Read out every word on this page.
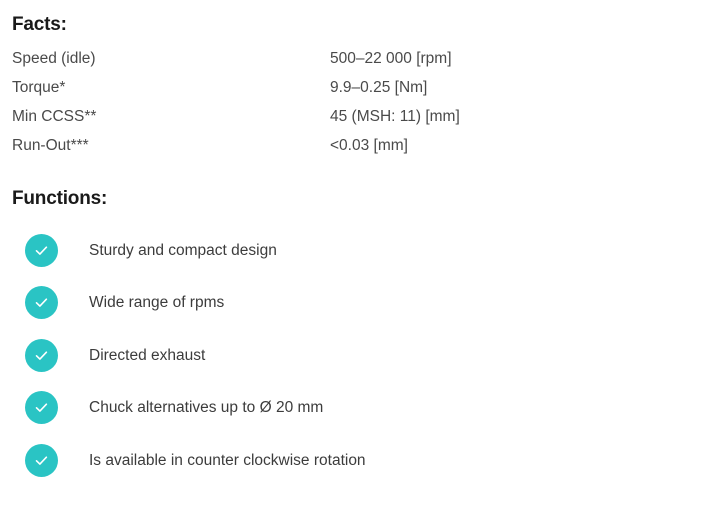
Facts:
Speed (idle)	500–22 000 [rpm]
Torque*	9.9–0.25 [Nm]
Min CCSS**	45 (MSH: 11) [mm]
Run-Out***	<0.03 [mm]
Functions:
Sturdy and compact design
Wide range of rpms
Directed exhaust
Chuck alternatives up to Ø 20 mm
Is available in counter clockwise rotation
